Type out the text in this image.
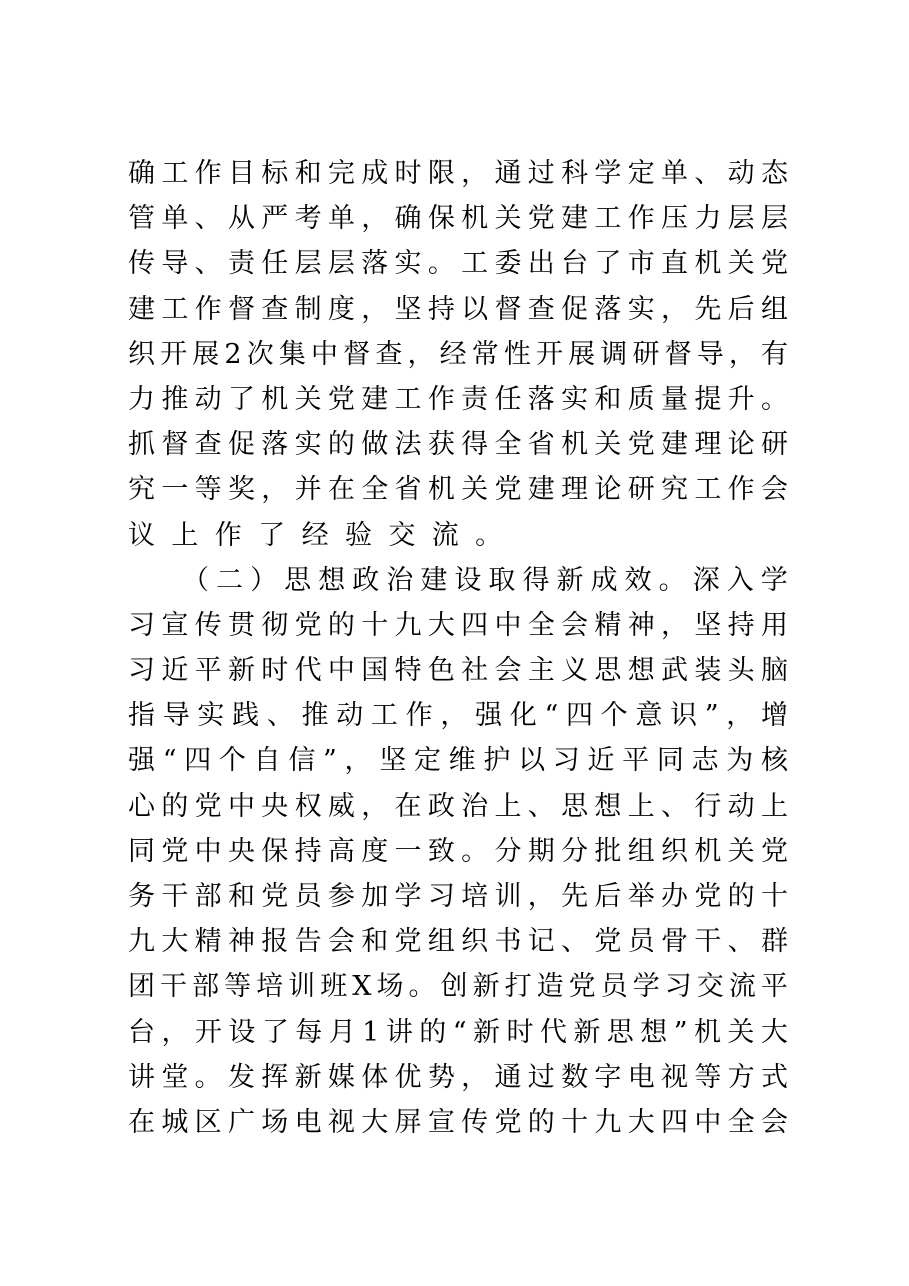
确 工 作 目 标 和 完 成 时 限 ， 通 过 科 学 定 单 、 动 态
管 单 、 从 严 考 单 ， 确 保 机 关 党 建 工 作 压 力 层 层
传 导 、 责 任 层 层 落 实 。 工 委 出 台 了 市 直 机 关 党
建 工 作 督 查 制 度 ， 坚 持 以 督 查 促 落 实 ， 先 后 组
织 开 展 2 次 集 中 督 查 ， 经 常 性 开 展 调 研 督 导 ， 有
力 推 动 了 机 关 党 建 工 作 责 任 落 实 和 质 量 提 升 。
抓 督 查 促 落 实 的 做 法 获 得 全 省 机 关 党 建 理 论 研
究 一 等 奖 ， 并 在 全 省 机 关 党 建 理 论 研 究 工 作 会
议 上 作 了 经 验 交 流 。
（ 二 ） 思 想 政 治 建 设 取 得 新 成 效 。 深 入 学
习 宣 传 贯 彻 党 的 十 九 大 四 中 全 会 精 神 ， 坚 持 用
习 近 平 新 时 代 中 国 特 色 社 会 主 义 思 想 武 装 头 脑
指 导 实 践 、 推 动 工 作 ， 强 化 “ 四 个 意 识 ” ， 增
强 “ 四 个 自 信 ” ， 坚 定 维 护 以 习 近 平 同 志 为 核
心 的 党 中 央 权 威 ， 在 政 治 上 、 思 想 上 、 行 动 上
同 党 中 央 保 持 高 度 一 致 。 分 期 分 批 组 织 机 关 党
务 干 部 和 党 员 参 加 学 习 培 训 ， 先 后 举 办 党 的 十
九 大 精 神 报 告 会 和 党 组 织 书 记 、 党 员 骨 干 、 群
团 干 部 等 培 训 班 X 场 。 创 新 打 造 党 员 学 习 交 流 平
台 ， 开 设 了 每 月 1 讲 的 “ 新 时 代 新 思 想 ” 机 关 大
讲 堂 。 发 挥 新 媒 体 优 势 ， 通 过 数 字 电 视 等 方 式
在 城 区 广 场 电 视 大 屏 宣 传 党 的 十 九 大 四 中 全 会
